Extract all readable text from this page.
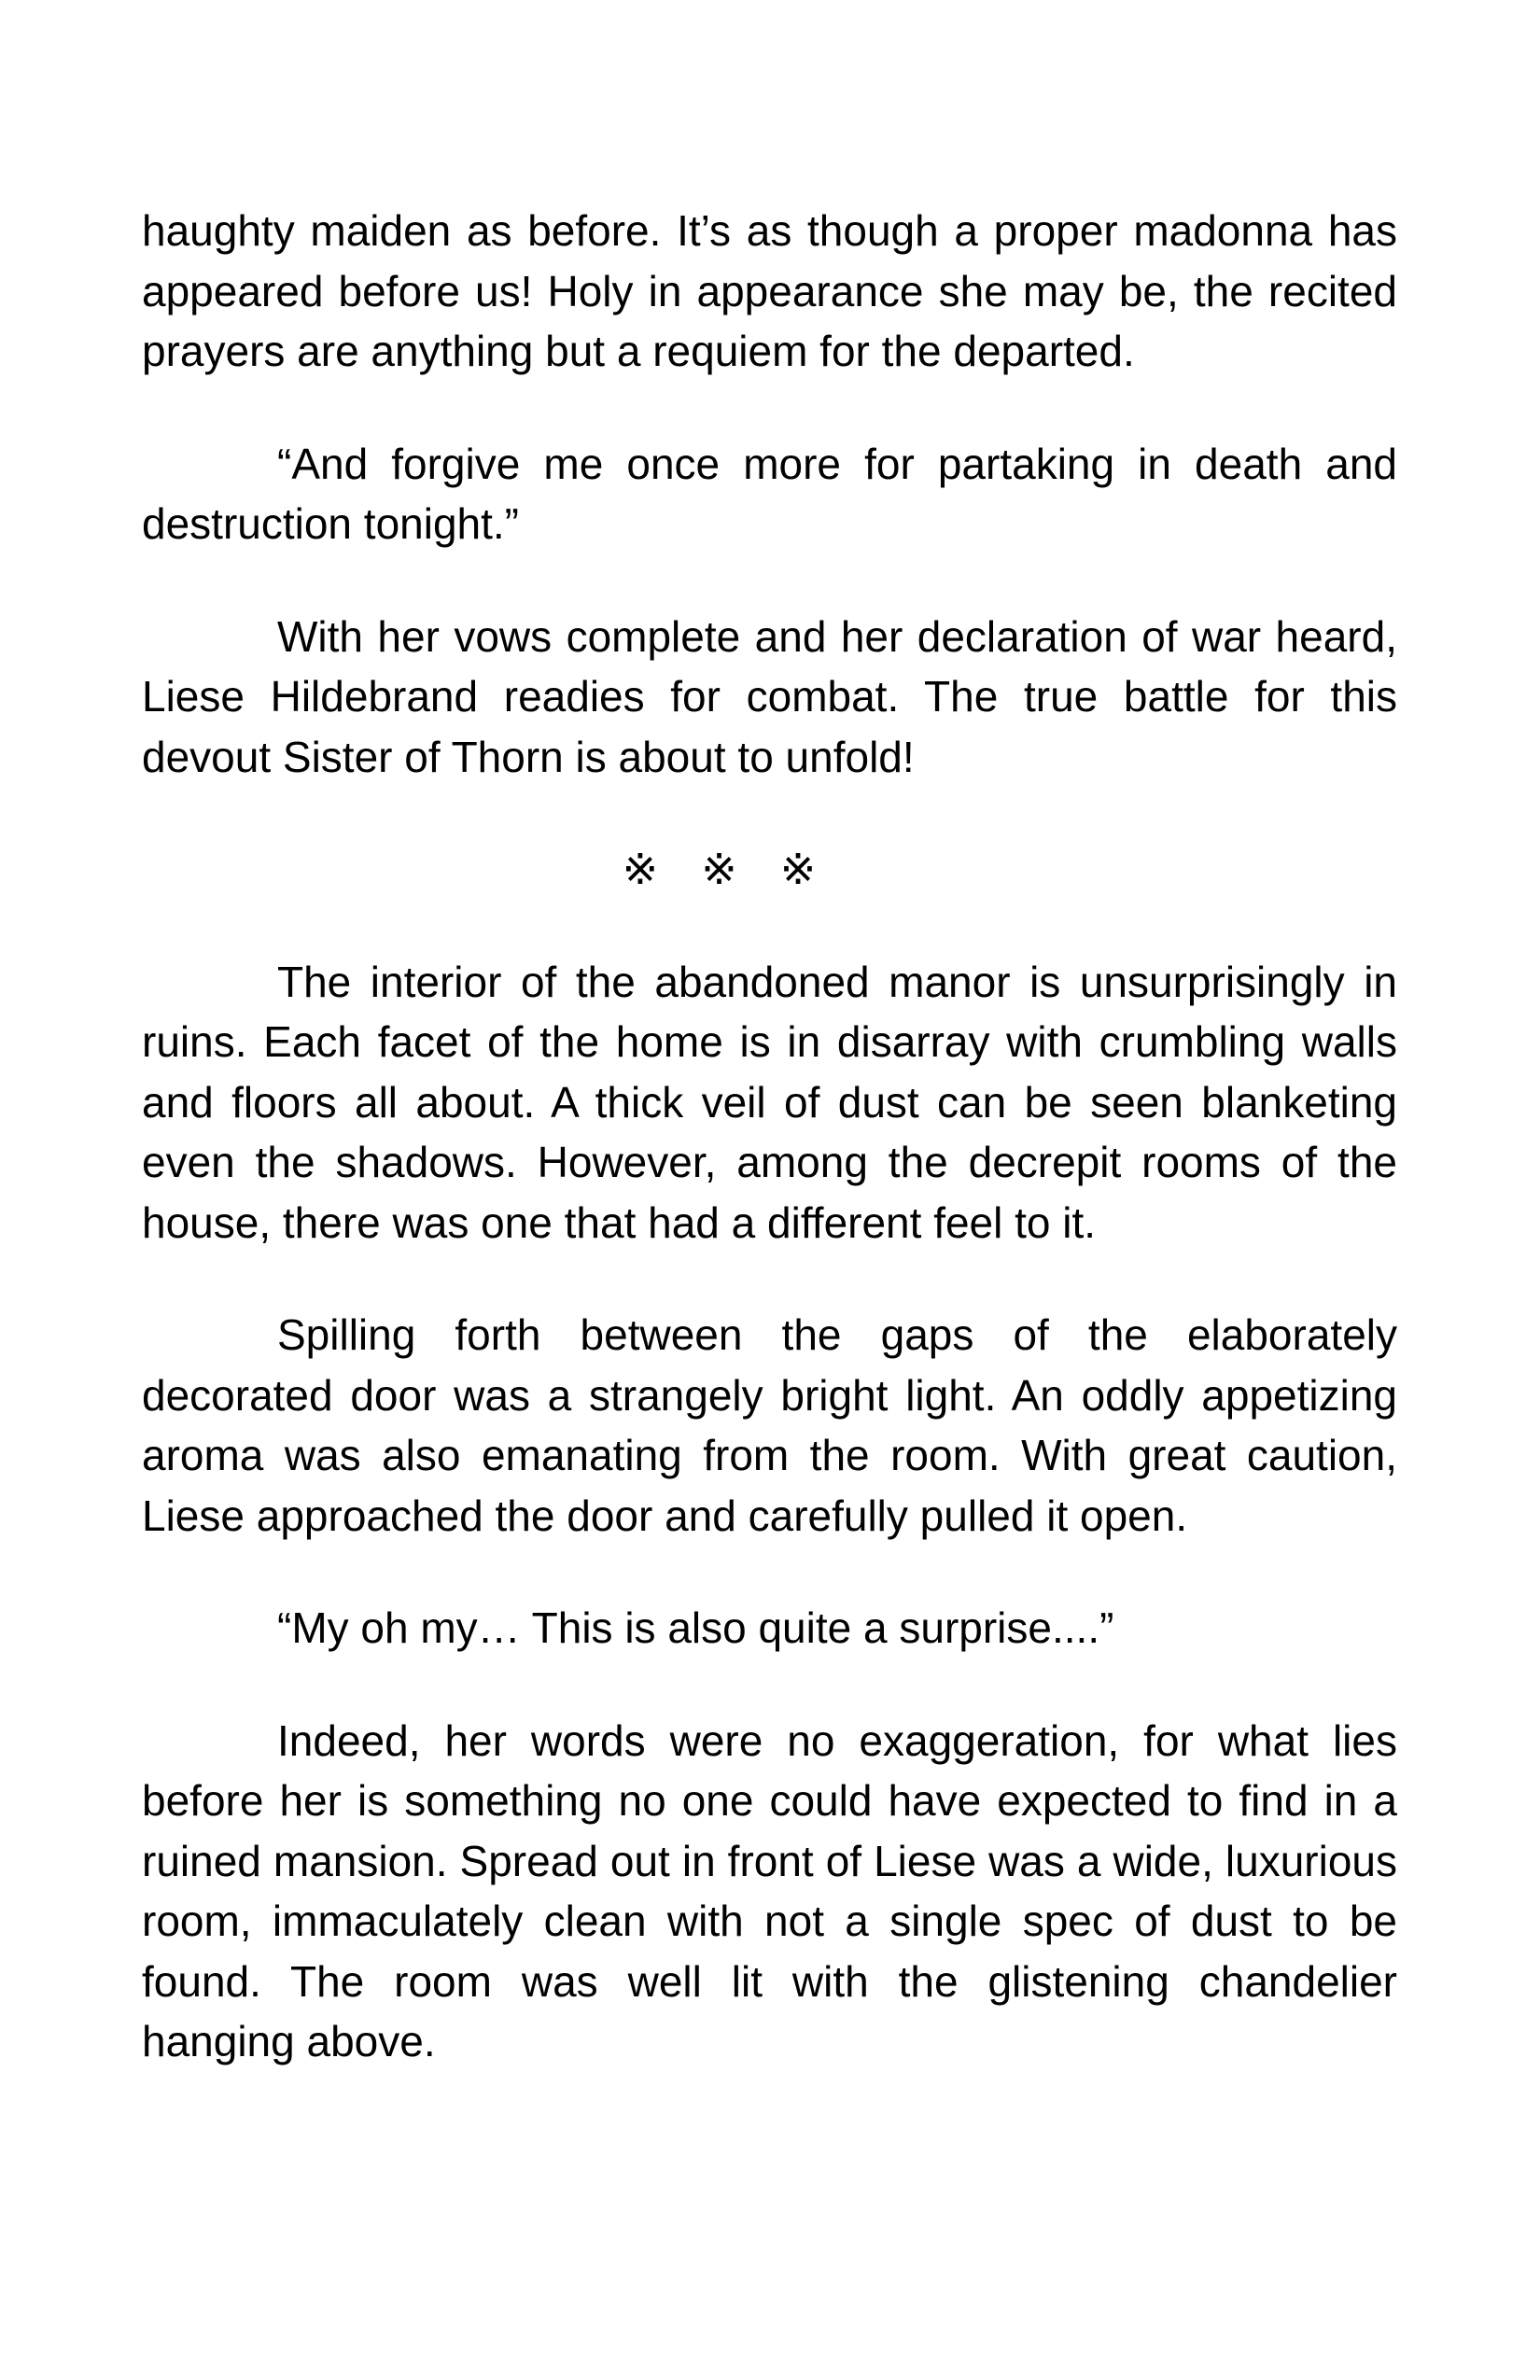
haughty maiden as before. It’s as though a proper madonna has appeared before us! Holy in appearance she may be, the recited prayers are anything but a requiem for the departed.

“And forgive me once more for partaking in death and destruction tonight.”

With her vows complete and her declaration of war heard, Liese Hildebrand readies for combat. The true battle for this devout Sister of Thorn is about to unfold!

※　※　※

The interior of the abandoned manor is unsurprisingly in ruins. Each facet of the home is in disarray with crumbling walls and floors all about. A thick veil of dust can be seen blanketing even the shadows. However, among the decrepit rooms of the house, there was one that had a different feel to it.

Spilling forth between the gaps of the elaborately decorated door was a strangely bright light. An oddly appetizing aroma was also emanating from the room. With great caution, Liese approached the door and carefully pulled it open.

“My oh my… This is also quite a surprise....”

Indeed, her words were no exaggeration, for what lies before her is something no one could have expected to find in a ruined mansion. Spread out in front of Liese was a wide, luxurious room, immaculately clean with not a single spec of dust to be found. The room was well lit with the glistening chandelier hanging above.
